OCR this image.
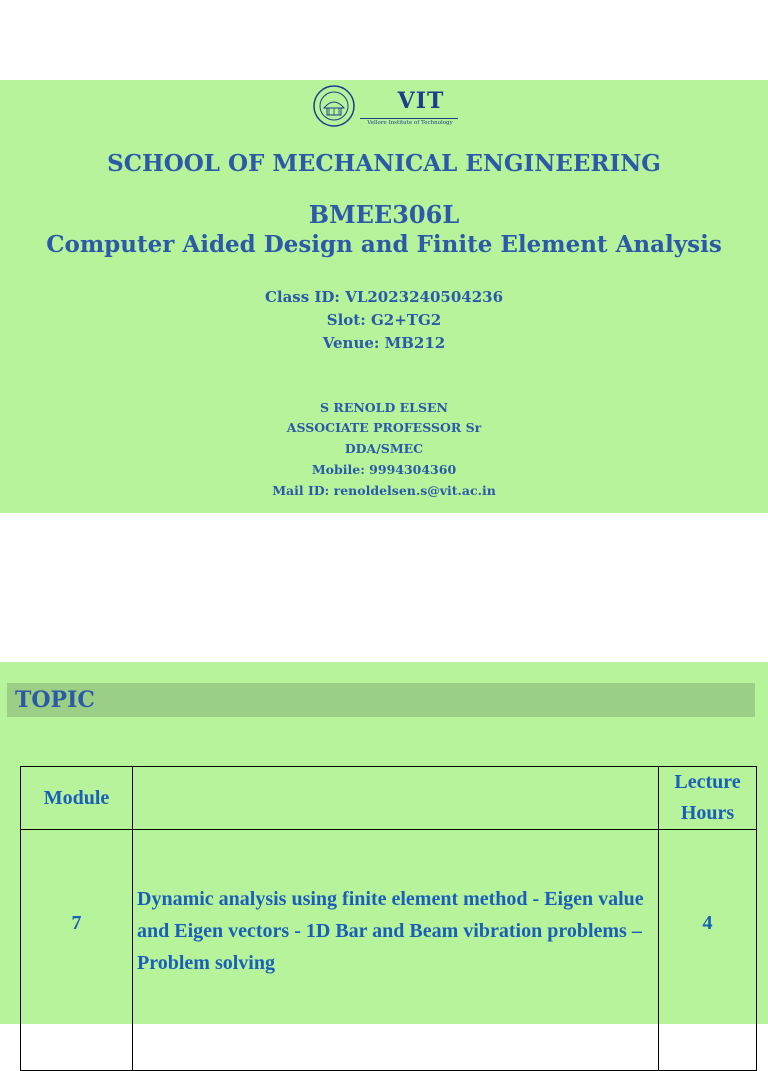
VIT
Vellore Institute of Technology
SCHOOL OF MECHANICAL ENGINEERING
BMEE306L
Computer Aided Design and Finite Element Analysis
Class ID: VL2023240504236
Slot: G2+TG2
Venue: MB212
S RENOLD ELSEN
ASSOCIATE PROFESSOR Sr
DDA/SMEC
Mobile: 9994304360
Mail ID: renoldelsen.s@vit.ac.in
TOPIC
Module		Lecture
Hours

7	Dynamic analysis using finite element method - Eigen value and Eigen vectors - 1D Bar and Beam vibration problems – Problem solving	4
